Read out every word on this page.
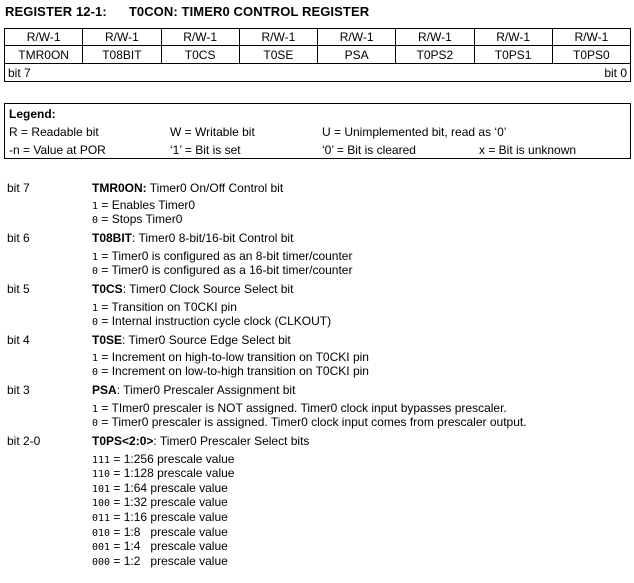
REGISTER 12-1: T0CON: TIMER0 CONTROL REGISTER
R/W-1	R/W-1	R/W-1	R/W-1	R/W-1	R/W-1	R/W-1	R/W-1
TMR0ON	T08BIT	T0CS	T0SE	PSA	T0PS2	T0PS1	T0PS0
bit 7 bit 0							
Legend:
R = Readable bit	W = Writable bit	U = Unimplemented bit, read as ‘0’
-n = Value at POR	‘1’ = Bit is set	‘0’ = Bit is cleared	x = Bit is unknown
bit 7	TMR0ON: Timer0 On/Off Control bit
1 = Enables Timer0
0 = Stops Timer0
bit 6	T08BIT: Timer0 8-bit/16-bit Control bit
1 = Timer0 is configured as an 8-bit timer/counter
0 = Timer0 is configured as a 16-bit timer/counter
bit 5	T0CS: Timer0 Clock Source Select bit
1 = Transition on T0CKI pin
0 = Internal instruction cycle clock (CLKOUT)
bit 4	T0SE: Timer0 Source Edge Select bit
1 = Increment on high-to-low transition on T0CKI pin
0 = Increment on low-to-high transition on T0CKI pin
bit 3	PSA: Timer0 Prescaler Assignment bit
1 = TImer0 prescaler is NOT assigned. Timer0 clock input bypasses prescaler.
0 = Timer0 prescaler is assigned. Timer0 clock input comes from prescaler output.
bit 2-0	T0PS<2:0>: Timer0 Prescaler Select bits
111 = 1:256 prescale value
110 = 1:128 prescale value
101 = 1:64 prescale value
100 = 1:32 prescale value
011 = 1:16 prescale value
010 = 1:8   prescale value
001 = 1:4   prescale value
000 = 1:2   prescale value
